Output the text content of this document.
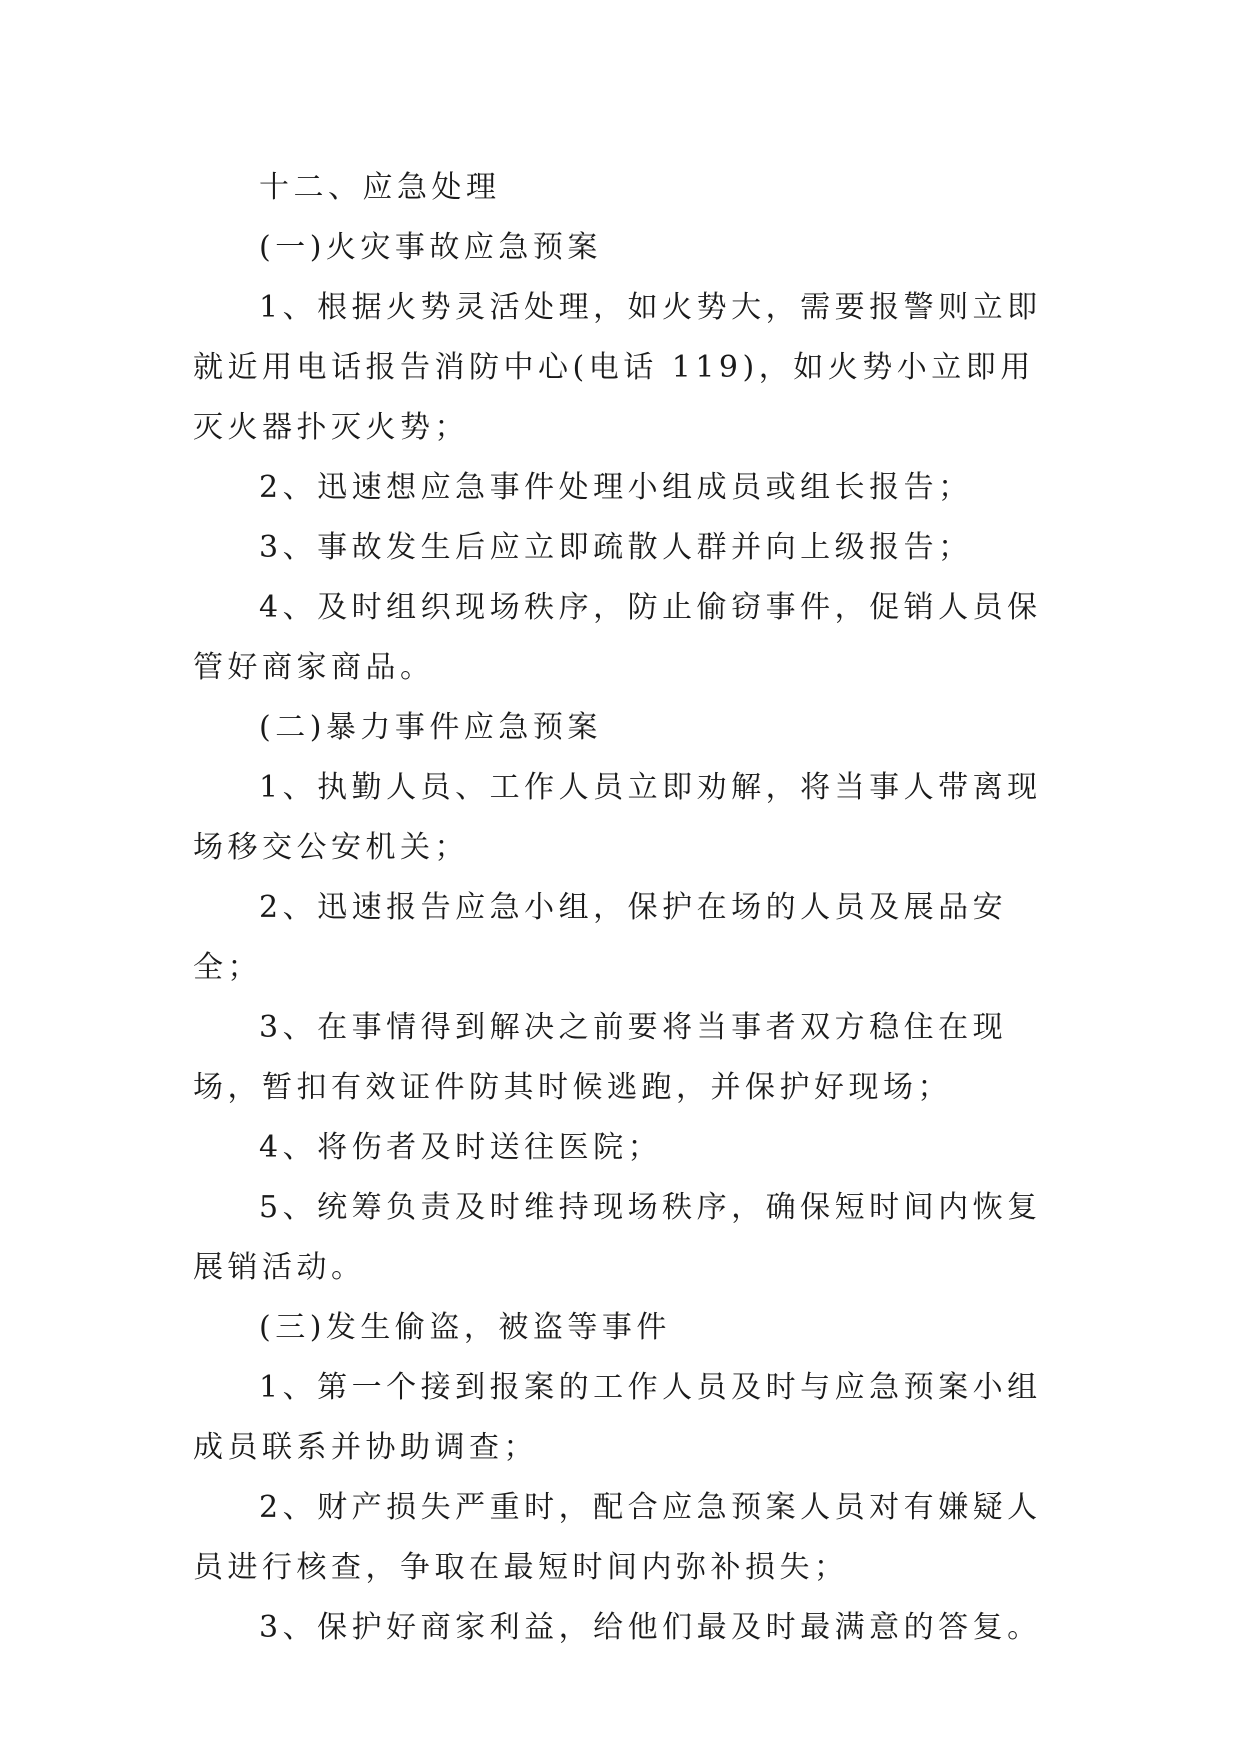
十二、应急处理

(一)火灾事故应急预案

1、根据火势灵活处理，如火势大，需要报警则立即就近用电话报告消防中心(电话 119)，如火势小立即用灭火器扑灭火势；

2、迅速想应急事件处理小组成员或组长报告；

3、事故发生后应立即疏散人群并向上级报告；

4、及时组织现场秩序，防止偷窃事件，促销人员保管好商家商品。

(二)暴力事件应急预案

1、执勤人员、工作人员立即劝解，将当事人带离现场移交公安机关；

2、迅速报告应急小组，保护在场的人员及展品安全；

3、在事情得到解决之前要将当事者双方稳住在现场，暂扣有效证件防其时候逃跑，并保护好现场；

4、将伤者及时送往医院；

5、统筹负责及时维持现场秩序，确保短时间内恢复展销活动。

(三)发生偷盗，被盗等事件

1、第一个接到报案的工作人员及时与应急预案小组成员联系并协助调查；

2、财产损失严重时，配合应急预案人员对有嫌疑人员进行核查，争取在最短时间内弥补损失；

3、保护好商家利益，给他们最及时最满意的答复。
